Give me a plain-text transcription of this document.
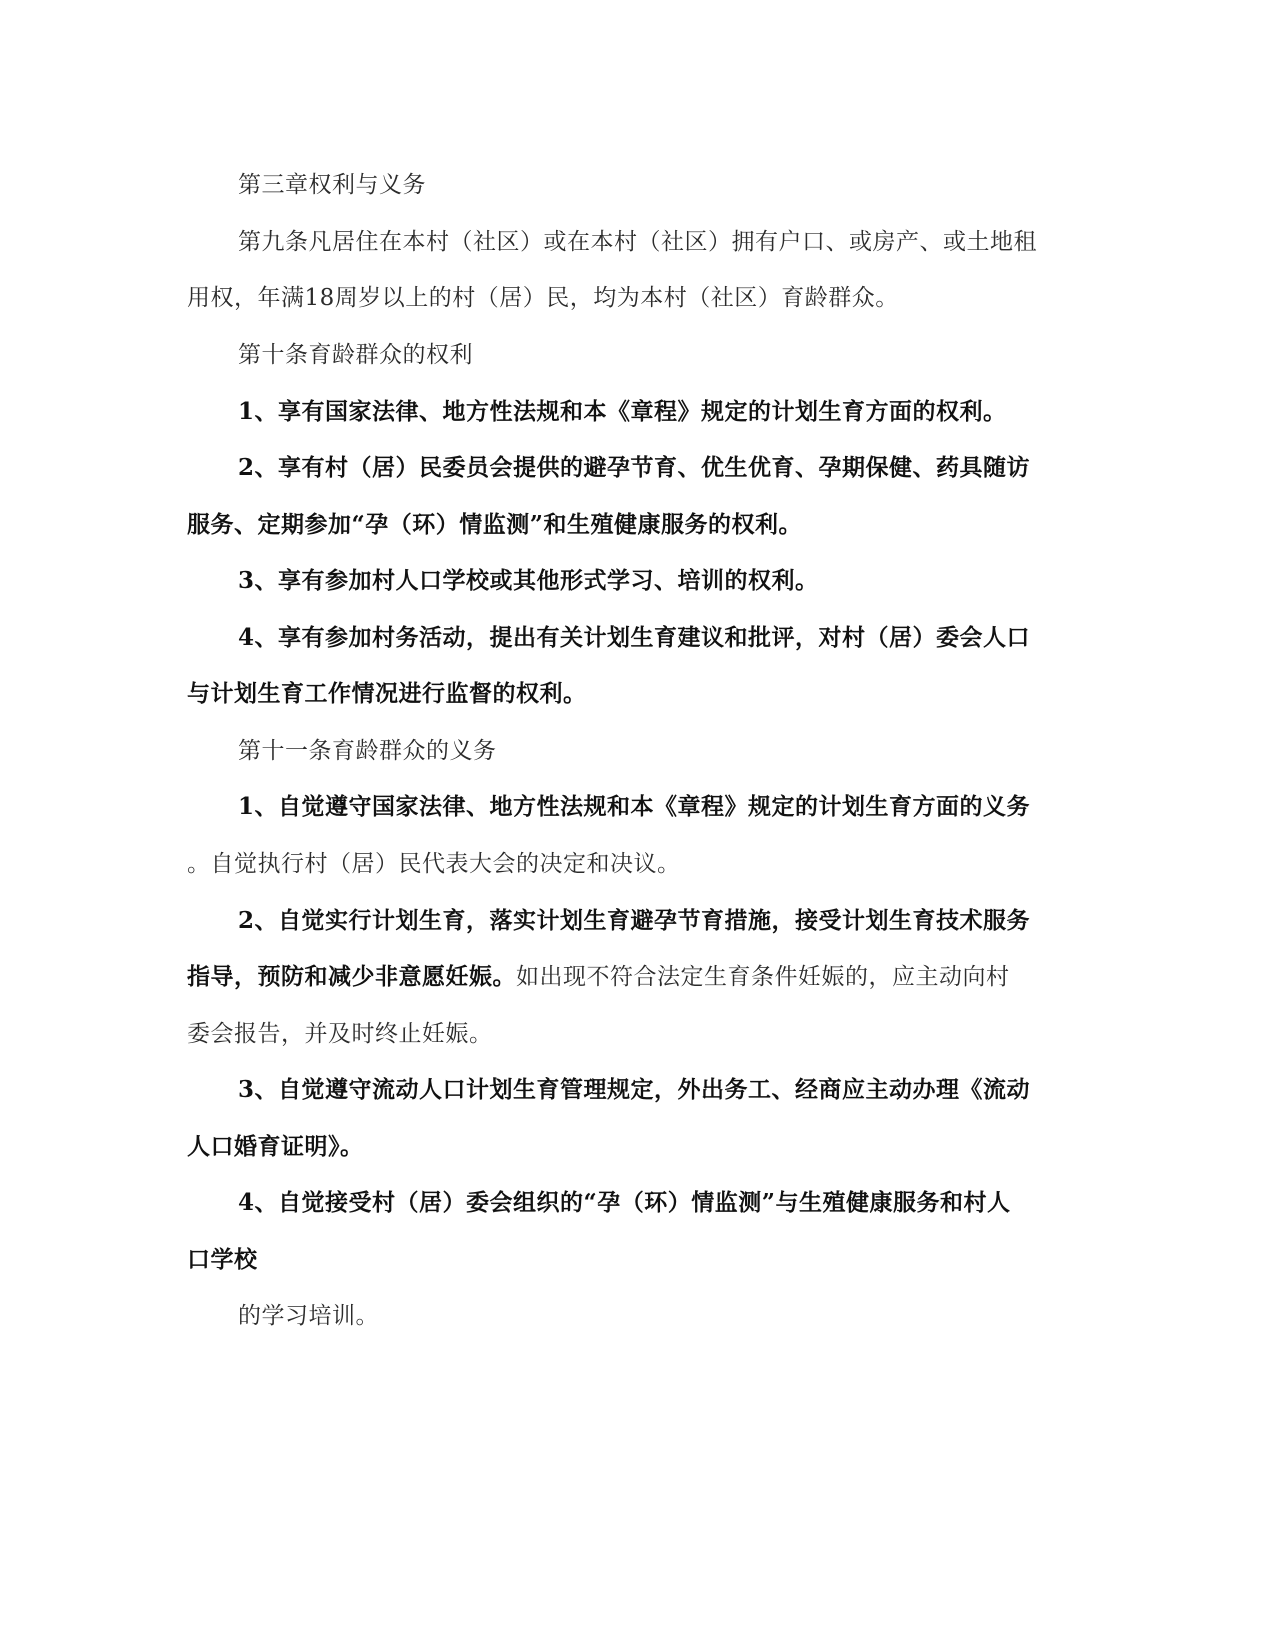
第三章权利与义务
第九条凡居住在本村（社区）或在本村（社区）拥有户口、或房产、或土地租
用权，年满18周岁以上的村（居）民，均为本村（社区）育龄群众。
第十条育龄群众的权利
1、享有国家法律、地方性法规和本《章程》规定的计划生育方面的权利。
2、享有村（居）民委员会提供的避孕节育、优生优育、孕期保健、药具随访
服务、定期参加“孕（环）情监测”和生殖健康服务的权利。
3、享有参加村人口学校或其他形式学习、培训的权利。
4、享有参加村务活动，提出有关计划生育建议和批评，对村（居）委会人口
与计划生育工作情况进行监督的权利。
第十一条育龄群众的义务
1、自觉遵守国家法律、地方性法规和本《章程》规定的计划生育方面的义务
。自觉执行村（居）民代表大会的决定和决议。
2、自觉实行计划生育，落实计划生育避孕节育措施，接受计划生育技术服务
指导，预防和减少非意愿妊娠。如出现不符合法定生育条件妊娠的，应主动向村
委会报告，并及时终止妊娠。
3、自觉遵守流动人口计划生育管理规定，外出务工、经商应主动办理《流动
人口婚育证明》。
4、自觉接受村（居）委会组织的“孕（环）情监测”与生殖健康服务和村人
口学校
的学习培训。
